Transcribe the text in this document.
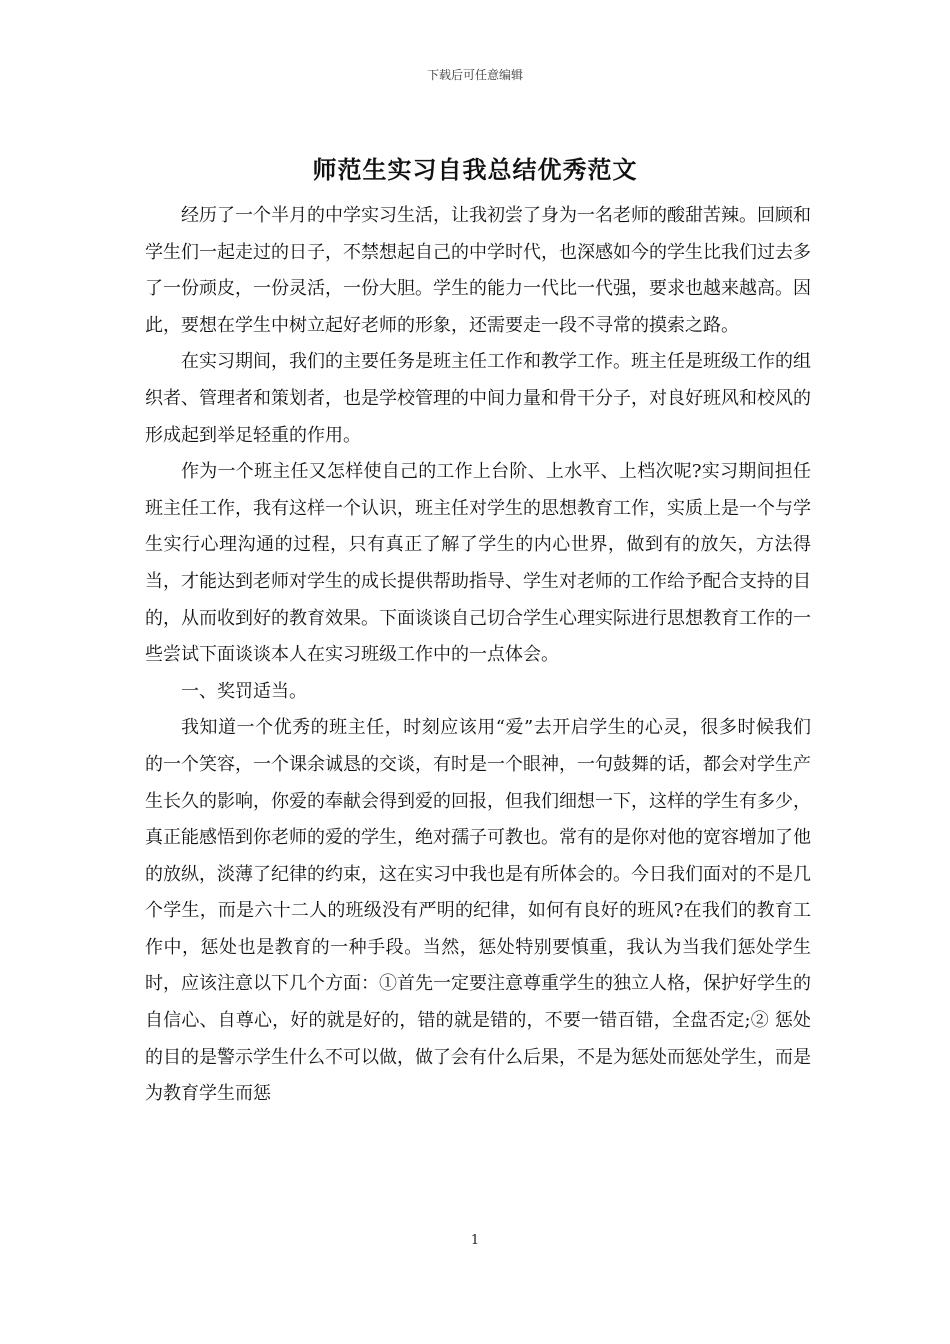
下载后可任意编辑
师范生实习自我总结优秀范文

经历了一个半月的中学实习生活，让我初尝了身为一名老师的酸甜苦辣。回顾和学生们一起走过的日子，不禁想起自己的中学时代，也深感如今的学生比我们过去多了一份顽皮，一份灵活，一份大胆。学生的能力一代比一代强，要求也越来越高。因此，要想在学生中树立起好老师的形象，还需要走一段不寻常的摸索之路。

在实习期间，我们的主要任务是班主任工作和教学工作。班主任是班级工作的组织者、管理者和策划者，也是学校管理的中间力量和骨干分子，对良好班风和校风的形成起到举足轻重的作用。

作为一个班主任又怎样使自己的工作上台阶、上水平、上档次呢?实习期间担任班主任工作，我有这样一个认识，班主任对学生的思想教育工作，实质上是一个与学生实行心理沟通的过程，只有真正了解了学生的内心世界，做到有的放矢，方法得当，才能达到老师对学生的成长提供帮助指导、学生对老师的工作给予配合支持的目的，从而收到好的教育效果。下面谈谈自己切合学生心理实际进行思想教育工作的一些尝试下面谈谈本人在实习班级工作中的一点体会。

一、奖罚适当。

我知道一个优秀的班主任，时刻应该用“爱”去开启学生的心灵，很多时候我们的一个笑容，一个课余诚恳的交谈，有时是一个眼神，一句鼓舞的话，都会对学生产生长久的影响，你爱的奉献会得到爱的回报，但我们细想一下，这样的学生有多少，真正能感悟到你老师的爱的学生，绝对孺子可教也。常有的是你对他的宽容增加了他的放纵，淡薄了纪律的约束，这在实习中我也是有所体会的。今日我们面对的不是几个学生，而是六十二人的班级没有严明的纪律，如何有良好的班风?在我们的教育工作中，惩处也是教育的一种手段。当然，惩处特别要慎重，我认为当我们惩处学生时，应该注意以下几个方面：①首先一定要注意尊重学生的独立人格，保护好学生的自信心、自尊心，好的就是好的，错的就是错的，不要一错百错，全盘否定;② 惩处的目的是警示学生什么不可以做，做了会有什么后果，不是为惩处而惩处学生，而是为教育学生而惩

1
